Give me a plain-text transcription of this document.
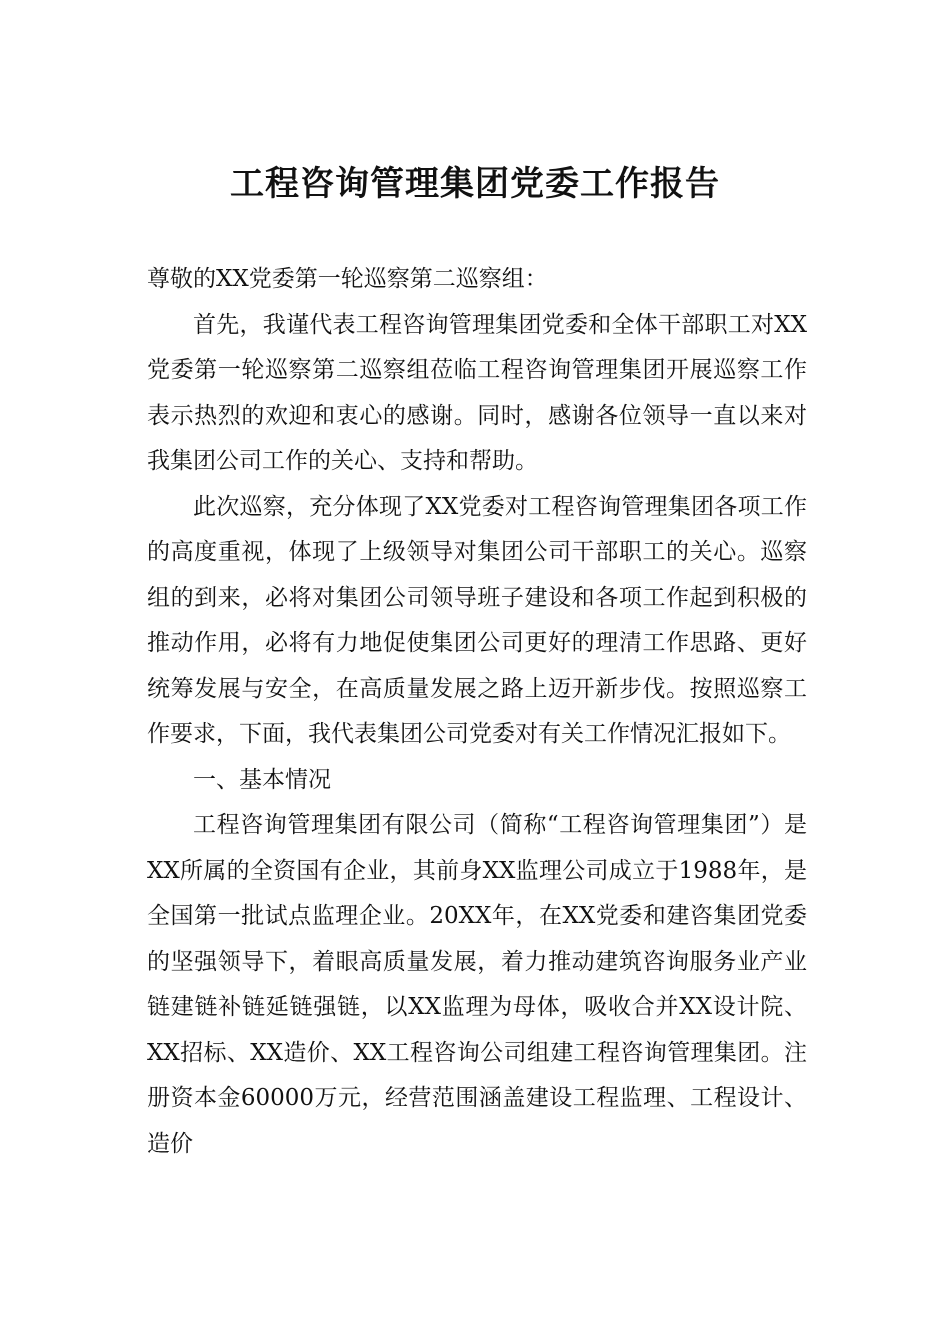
工程咨询管理集团党委工作报告

尊敬的XX党委第一轮巡察第二巡察组：

首先，我谨代表工程咨询管理集团党委和全体干部职工对XX党委第一轮巡察第二巡察组莅临工程咨询管理集团开展巡察工作表示热烈的欢迎和衷心的感谢。同时，感谢各位领导一直以来对我集团公司工作的关心、支持和帮助。

此次巡察，充分体现了XX党委对工程咨询管理集团各项工作的高度重视，体现了上级领导对集团公司干部职工的关心。巡察组的到来，必将对集团公司领导班子建设和各项工作起到积极的推动作用，必将有力地促使集团公司更好的理清工作思路、更好统筹发展与安全，在高质量发展之路上迈开新步伐。按照巡察工作要求，下面，我代表集团公司党委对有关工作情况汇报如下。

一、基本情况

工程咨询管理集团有限公司（简称“工程咨询管理集团”）是XX所属的全资国有企业，其前身XX监理公司成立于1988年，是全国第一批试点监理企业。20XX年，在XX党委和建咨集团党委的坚强领导下，着眼高质量发展，着力推动建筑咨询服务业产业链建链补链延链强链，以XX监理为母体，吸收合并XX设计院、XX招标、XX造价、XX工程咨询公司组建工程咨询管理集团。注册资本金60000万元，经营范围涵盖建设工程监理、工程设计、造价
